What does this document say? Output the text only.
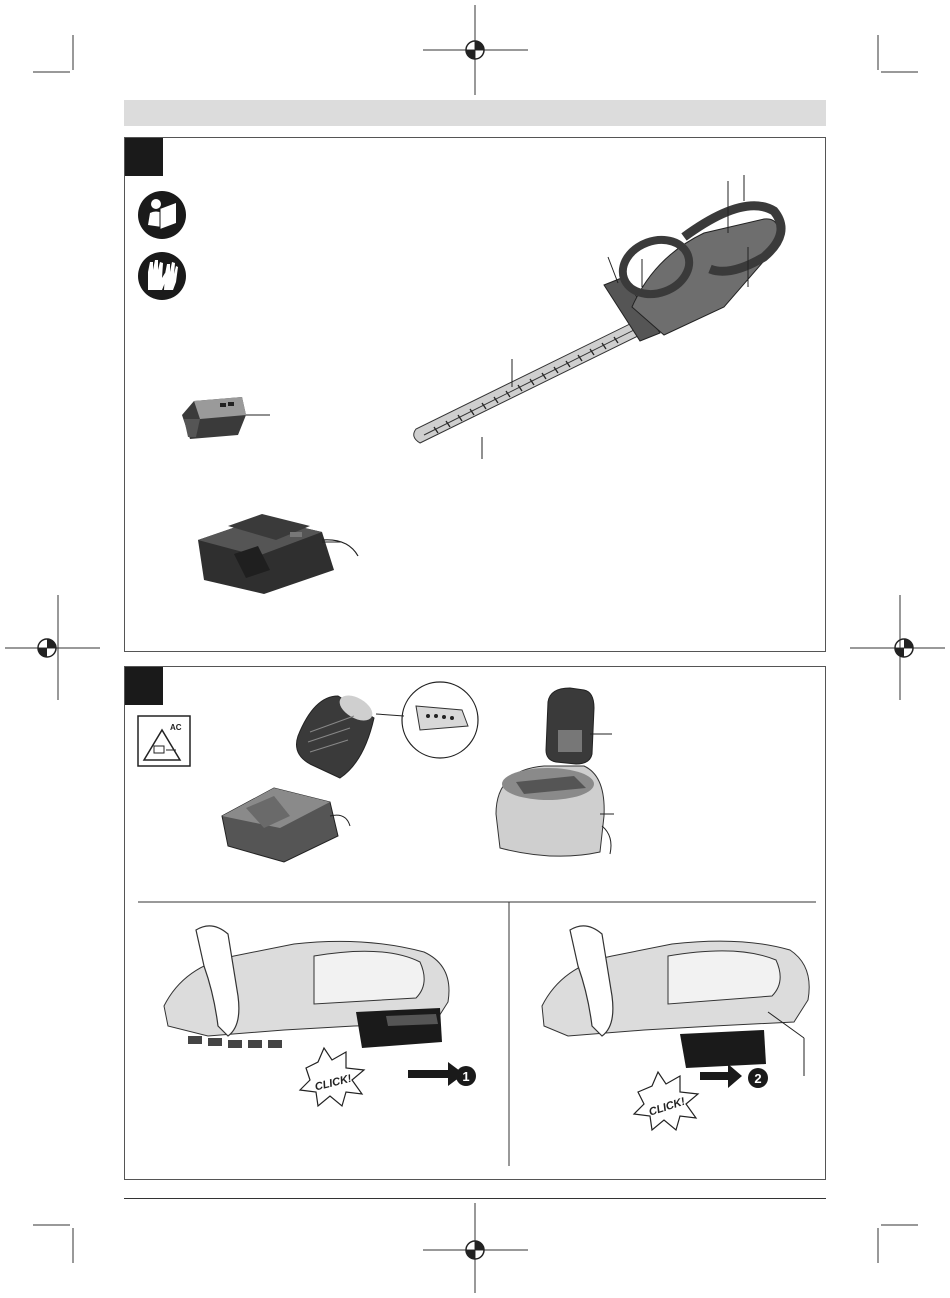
AC
1
CLICK!	2
CLICK!
